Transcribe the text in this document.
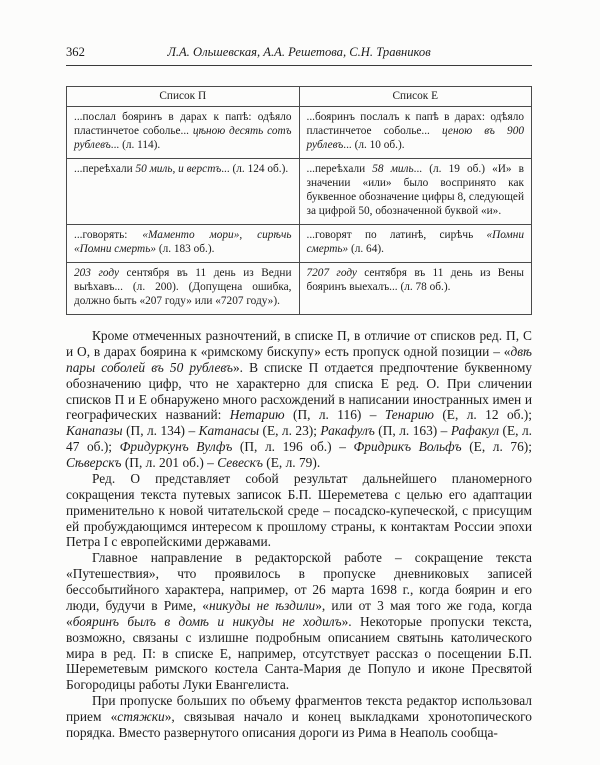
362	Л.А. Ольшевская, А.А. Решетова, С.Н. Травников
Список П	Список Е
...послал бояринъ в дарах к папѣ: одѣяло пластинчетое соболье... цѣною десять сотъ рублевъ... (л. 114).	...бояринъ послалъ к папѣ в дарах: одѣяло пластинчетое соболье... ценою въ 900 рублевъ... (л. 10 об.).
...переѣхали 50 миль, и верстъ... (л. 124 об.).	...переѣхали 58 миль... (л. 19 об.) «И» в значении «или» было воспринято как буквенное обозначение цифры 8, следующей за цифрой 50, обозначенной буквой «и».
...говорять: «Маменто мори», сирѣчь «Помни смерть» (л. 183 об.).	...говорят по латинѣ, сирѣчь «Помни смерть» (л. 64).
203 году сентября въ 11 день из Ведни выѣхавъ... (л. 200). (Допущена ошибка, должно быть «207 году» или «7207 году»).	7207 году сентября въ 11 день из Вены бояринъ выехалъ... (л. 78 об.).

Кроме отмеченных разночтений, в списке П, в отличие от списков ред. П, С и О, в дарах боярина к «римскому бискупу» есть пропуск одной позиции – «двѣ пары соболей въ 50 рублевъ». В списке П отдается предпочтение буквенному обозначению цифр, что не характерно для списка Е ред. О. При сличении списков П и Е обнаружено много расхождений в написании иностранных имен и географических названий: Нетарию (П, л. 116) – Тенарию (Е, л. 12 об.); Канапазы (П, л. 134) – Катанасы (Е, л. 23); Ракафулъ (П, л. 163) – Рафакул (Е, л. 47 об.); Фридуркунъ Вулфъ (П, л. 196 об.) – Фридрикъ Вольфъ (Е, л. 76); Сѣверскъ (П, л. 201 об.) – Севескъ (Е, л. 79).

Ред. О представляет собой результат дальнейшего планомерного сокращения текста путевых записок Б.П. Шереметева с целью его адаптации применительно к новой читательской среде – посадско-купеческой, с присущим ей пробуждающимся интересом к прошлому страны, к контактам России эпохи Петра I с европейскими державами.

Главное направление в редакторской работе – сокращение текста «Путешествия», что проявилось в пропуске дневниковых записей бессобытийного характера, например, от 26 марта 1698 г., когда боярин и его люди, будучи в Риме, «никуды не ѣздили», или от 3 мая того же года, когда «бояринъ былъ в домѣ и никуды не ходилъ». Некоторые пропуски текста, возможно, связаны с излишне подробным описанием святынь католического мира в ред. П: в списке Е, например, отсутствует рассказ о посещении Б.П. Шереметевым римского костела Санта-Мария де Популо и иконе Пресвятой Богородицы работы Луки Евангелиста.

При пропуске больших по объему фрагментов текста редактор использовал прием «стяжки», связывая начало и конец выкладками хронотопического порядка. Вместо развернутого описания дороги из Рима в Неаполь сообща-
